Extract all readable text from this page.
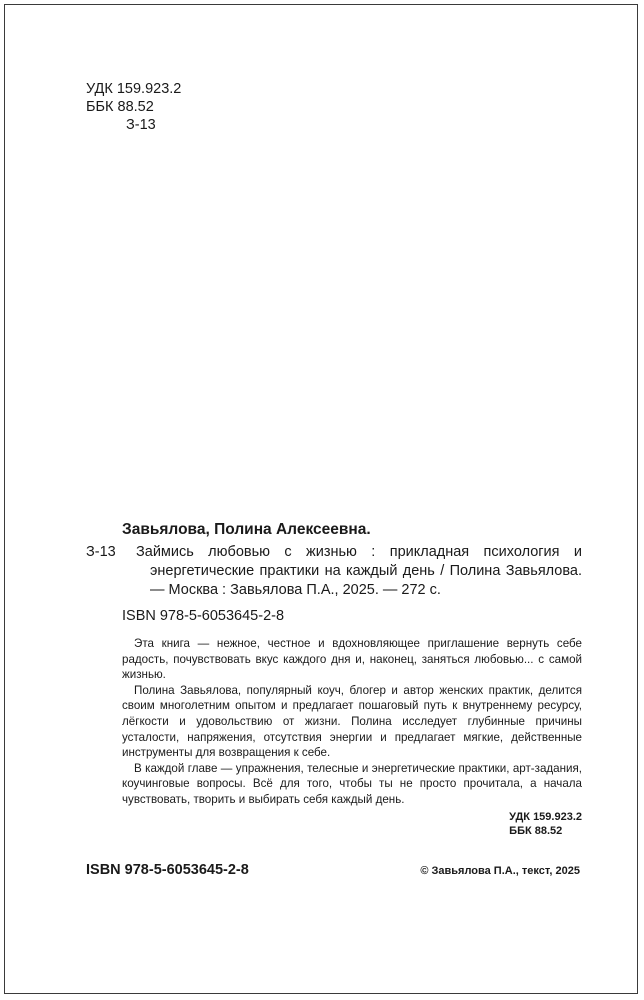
УДК 159.923.2
ББК 88.52
З-13
Завьялова, Полина Алексеевна.
З-13 Займись любовью с жизнью : прикладная психология и энергетические практики на каждый день / Полина Завьялова. — Москва : Завьялова П.А., 2025. — 272 с.
ISBN 978-5-6053645-2-8

Эта книга — нежное, честное и вдохновляющее приглашение вернуть себе радость, почувствовать вкус каждого дня и, наконец, заняться любовью... с самой жизнью.

Полина Завьялова, популярный коуч, блогер и автор женских практик, делится своим многолетним опытом и предлагает пошаговый путь к внутреннему ресурсу, лёгкости и удовольствию от жизни. Полина исследует глубинные причины усталости, напряжения, отсутствия энергии и предлагает мягкие, действенные инструменты для возвращения к себе.

В каждой главе — упражнения, телесные и энергетические практики, арт-задания, коучинговые вопросы. Всё для того, чтобы ты не просто прочитала, а начала чувствовать, творить и выбирать себя каждый день.

УДК 159.923.2
ББК 88.52
ISBN 978-5-6053645-2-8	© Завьялова П.А., текст, 2025
